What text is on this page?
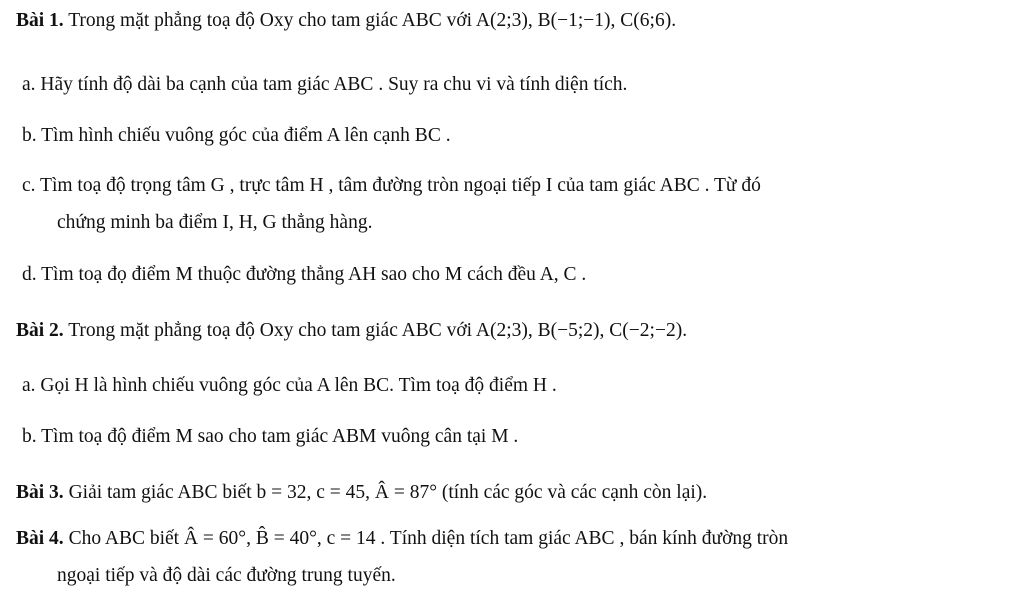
Bài 1. Trong mặt phẳng toạ độ Oxy cho tam giác ABC với A(2;3), B(−1;−1), C(6;6).
a. Hãy tính độ dài ba cạnh của tam giác ABC . Suy ra chu vi và tính diện tích.
b. Tìm hình chiếu vuông góc của điểm A lên cạnh BC .
c. Tìm toạ độ trọng tâm G , trực tâm H , tâm đường tròn ngoại tiếp I của tam giác ABC . Từ đó
chứng minh ba điểm I, H, G thẳng hàng.
d. Tìm toạ đọ điểm M thuộc đường thẳng AH sao cho M cách đều A, C .
Bài 2. Trong mặt phẳng toạ độ Oxy cho tam giác ABC với A(2;3), B(−5;2), C(−2;−2).
a. Gọi H là hình chiếu vuông góc của A lên BC. Tìm toạ độ điểm H .
b. Tìm toạ độ điểm M sao cho tam giác ABM vuông cân tại M .
Bài 3. Giải tam giác ABC biết b = 32, c = 45, Â = 87° (tính các góc và các cạnh còn lại).
Bài 4. Cho ABC biết Â = 60°, B̂ = 40°, c = 14 . Tính diện tích tam giác ABC , bán kính đường tròn
ngoại tiếp và độ dài các đường trung tuyến.
